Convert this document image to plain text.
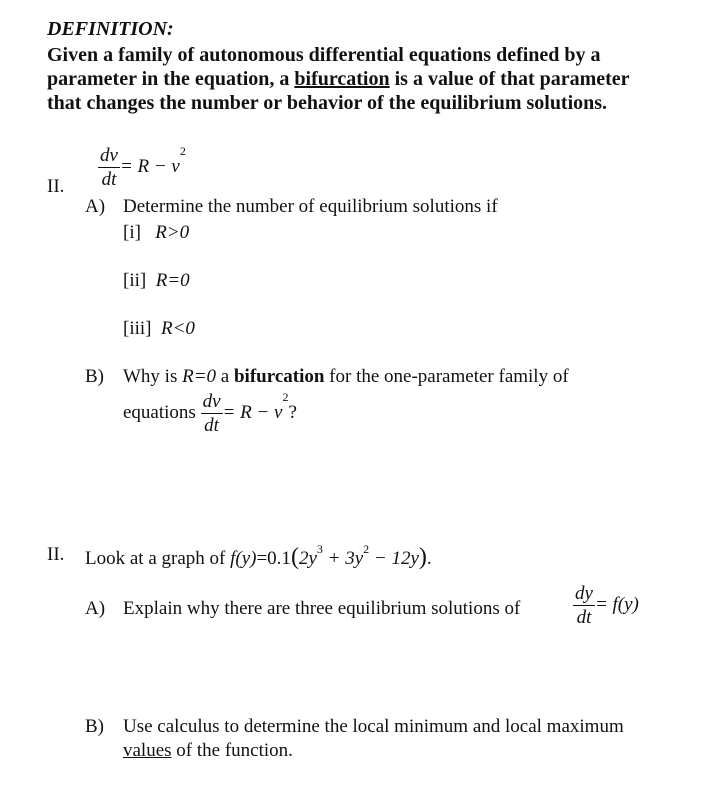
DEFINITION:
Given a family of autonomous differential equations defined by a
parameter in the equation, a bifurcation is a value of that parameter
that changes the number or behavior of the equilibrium solutions.
II. $\frac{dv}{dt} = R - v^2$
A) Determine the number of equilibrium solutions if
[i] R>0
[ii] R=0
[iii] R<0
B) Why is R=0 a bifurcation for the one-parameter family of
equations $\frac{dv}{dt} = R - v^2$?
II. Look at a graph of $f(y)=0.1(2y^3 + 3y^2 - 12y)$.
A) Explain why there are three equilibrium solutions of	$\frac{dy}{dt} = f(y)$
B) Use calculus to determine the local minimum and local maximum
values of the function.
